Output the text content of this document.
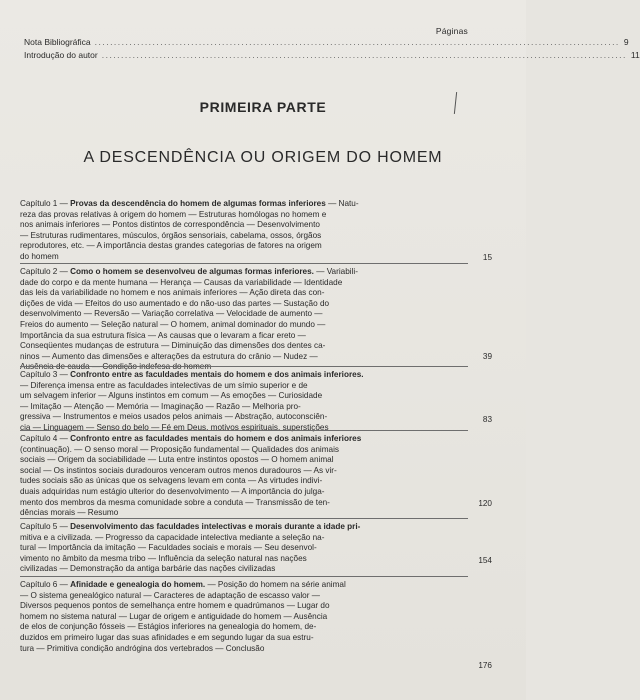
Páginas
Nota Bibliográfica ........................................................................................................................................ 9
Introdução do autor ........................................................................................................................................ 11
PRIMEIRA PARTE
A DESCENDÊNCIA OU ORIGEM DO HOMEM
Capítulo 1 — Provas da descendência do homem de algumas formas inferiores — Natu-
reza das provas relativas à origem do homem — Estruturas homólogas no homem e
nos animais inferiores — Pontos distintos de correspondência — Desenvolvimento
— Estruturas rudimentares, músculos, órgãos sensoriais, cabelama, ossos, órgãos
reprodutores, etc. — A importância destas grandes categorias de fatores na origem
do homem	15
Capítulo 2 — Como o homem se desenvolveu de algumas formas inferiores. — Variabili-
dade do corpo e da mente humana — Herança — Causas da variabilidade — Identidade
das leis da variabilidade no homem e nos animais inferiores — Ação direta das con-
dições de vida — Efeitos do uso aumentado e do não-uso das partes — Sustação do
desenvolvimento — Reversão — Variação correlativa — Velocidade de aumento —
Freios do aumento — Seleção natural — O homem, animal dominador do mundo —
Importância da sua estrutura física — As causas que o levaram a ficar ereto —
Conseqüentes mudanças de estrutura — Diminuição das dimensões dos dentes ca-
ninos — Aumento das dimensões e alterações da estrutura do crânio — Nudez —
Ausência de cauda — Condição indefesa do homem
39
Capítulo 3 — Confronto entre as faculdades mentais do homem e dos animais inferiores.
— Diferença imensa entre as faculdades intelectivas de um símio superior e de
um selvagem inferior — Alguns instintos em comum — As emoções — Curiosidade
— Imitação — Atenção — Memória — Imaginação — Razão — Melhoria pro-
gressiva — Instrumentos e meios usados pelos animais — Abstração, autoconsciên-
cia — Linguagem — Senso do belo — Fé em Deus, motivos espirituais, superstições
83
Capítulo 4 — Confronto entre as faculdades mentais do homem e dos animais inferiores
(continuação). — O senso moral — Proposição fundamental — Qualidades dos animais
sociais — Origem da sociabilidade — Luta entre instintos opostos — O homem animal
social — Os instintos sociais duradouros venceram outros menos duradouros — As vir-
tudes sociais são as únicas que os selvagens levam em conta — As virtudes indivi-
duais adquiridas num estágio ulterior do desenvolvimento — A importância do julga-
mento dos membros da mesma comunidade sobre a conduta — Transmissão de ten-
dências morais — Resumo
120
Capítulo 5 — Desenvolvimento das faculdades intelectivas e morais durante a idade pri-
mitiva e a civilizada. — Progresso da capacidade intelectiva mediante a seleção na-
tural — Importância da imitação — Faculdades sociais e morais — Seu desenvol-
vimento no âmbito da mesma tribo — Influência da seleção natural nas nações
civilizadas — Demonstração da antiga barbárie das nações civilizadas
154
Capítulo 6 — Afinidade e genealogia do homem. — Posição do homem na série animal
— O sistema genealógico natural — Caracteres de adaptação de escasso valor —
Diversos pequenos pontos de semelhança entre homem e quadrúmanos — Lugar do
homem no sistema natural — Lugar de origem e antiguidade do homem — Ausência
de elos de conjunção fósseis — Estágios inferiores na genealogia do homem, de-
duzidos em primeiro lugar das suas afinidades e em segundo lugar da sua estru-
tura — Primitiva condição andrógina dos vertebrados — Conclusão
176
